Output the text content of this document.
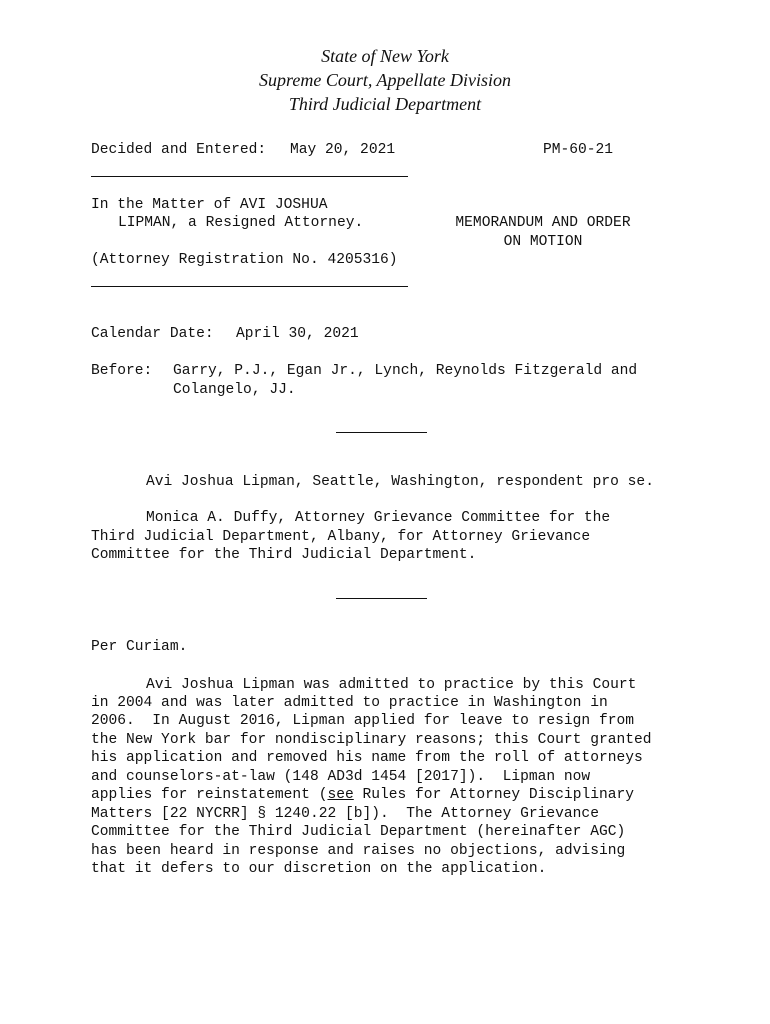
State of New York
Supreme Court, Appellate Division
Third Judicial Department
Decided and Entered: May 20, 2021	PM-60-21
In the Matter of AVI JOSHUA
LIPMAN, a Resigned Attorney.
(Attorney Registration No. 4205316)
MEMORANDUM AND ORDER
ON MOTION
Calendar Date: April 30, 2021
Before: Garry, P.J., Egan Jr., Lynch, Reynolds Fitzgerald and
Colangelo, JJ.
Avi Joshua Lipman, Seattle, Washington, respondent pro se.
Monica A. Duffy, Attorney Grievance Committee for the
Third Judicial Department, Albany, for Attorney Grievance
Committee for the Third Judicial Department.
Per Curiam.
Avi Joshua Lipman was admitted to practice by this Court
in 2004 and was later admitted to practice in Washington in
2006.  In August 2016, Lipman applied for leave to resign from
the New York bar for nondisciplinary reasons; this Court granted
his application and removed his name from the roll of attorneys
and counselors-at-law (148 AD3d 1454 [2017]).  Lipman now
applies for reinstatement (see Rules for Attorney Disciplinary
Matters [22 NYCRR] § 1240.22 [b]).  The Attorney Grievance
Committee for the Third Judicial Department (hereinafter AGC)
has been heard in response and raises no objections, advising
that it defers to our discretion on the application.
